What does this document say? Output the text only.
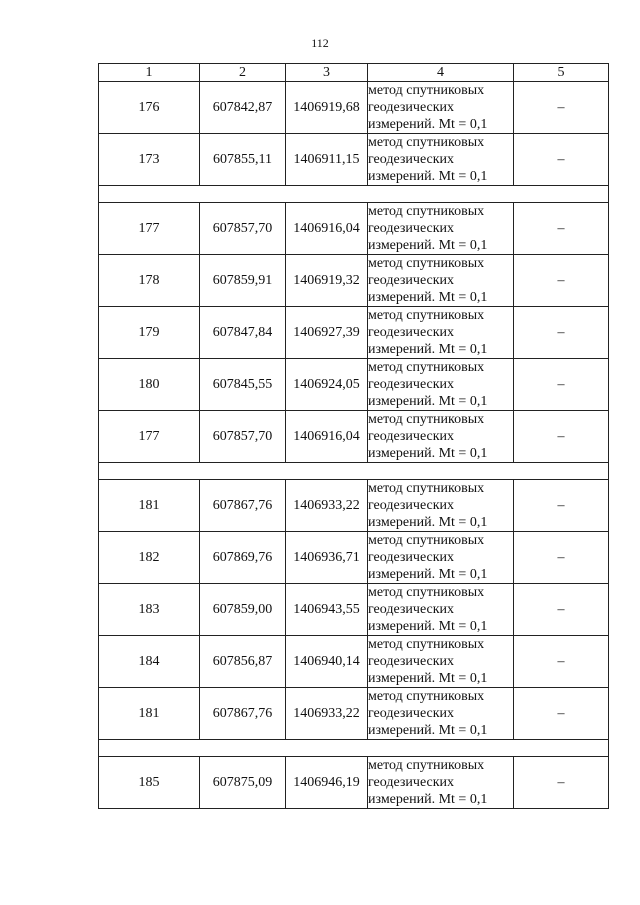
112
1	2	3	4	5
176	607842,87	1406919,68	метод спутниковых
геодезических
измерений. Mt = 0,1	–
173	607855,11	1406911,15	метод спутниковых
геодезических
измерений. Mt = 0,1	–

177	607857,70	1406916,04	метод спутниковых
геодезических
измерений. Mt = 0,1	–
178	607859,91	1406919,32	метод спутниковых
геодезических
измерений. Mt = 0,1	–
179	607847,84	1406927,39	метод спутниковых
геодезических
измерений. Mt = 0,1	–
180	607845,55	1406924,05	метод спутниковых
геодезических
измерений. Mt = 0,1	–
177	607857,70	1406916,04	метод спутниковых
геодезических
измерений. Mt = 0,1	–

181	607867,76	1406933,22	метод спутниковых
геодезических
измерений. Mt = 0,1	–
182	607869,76	1406936,71	метод спутниковых
геодезических
измерений. Mt = 0,1	–
183	607859,00	1406943,55	метод спутниковых
геодезических
измерений. Mt = 0,1	–
184	607856,87	1406940,14	метод спутниковых
геодезических
измерений. Mt = 0,1	–
181	607867,76	1406933,22	метод спутниковых
геодезических
измерений. Mt = 0,1	–

185	607875,09	1406946,19	метод спутниковых
геодезических
измерений. Mt = 0,1	–
